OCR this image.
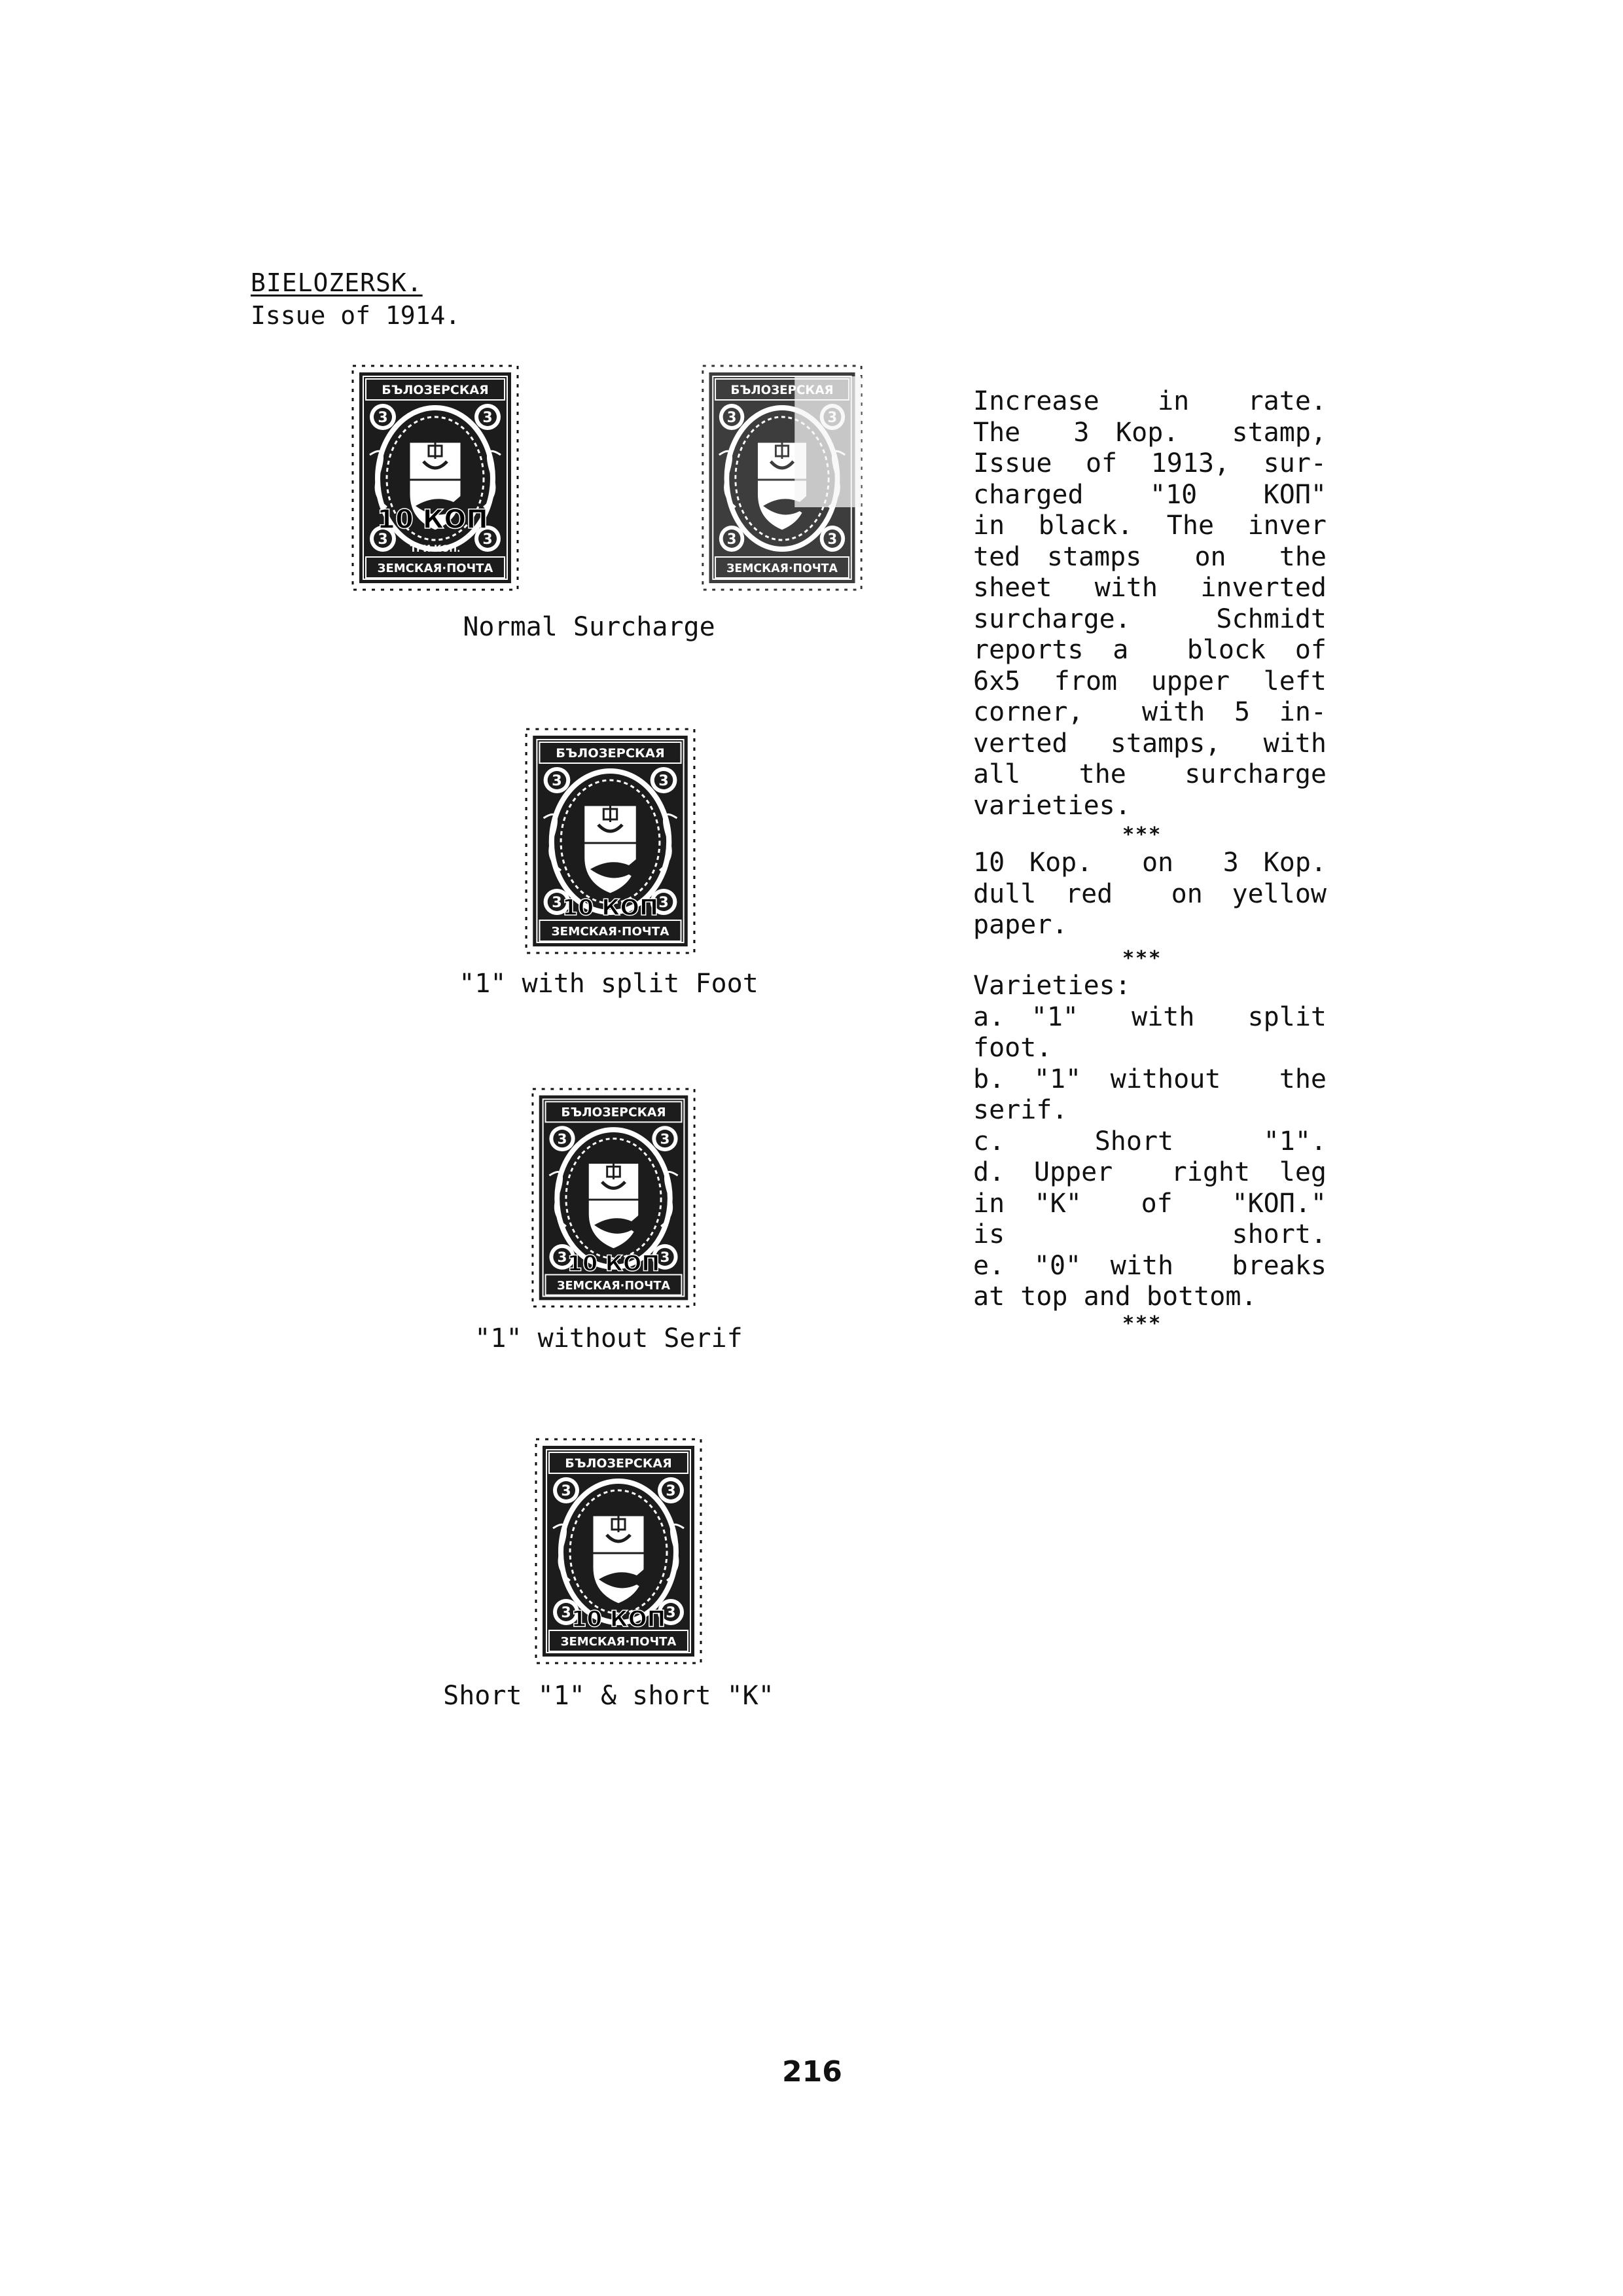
BIELOZERSK.
Issue of 1914.
БЪЛОЗЕРСКАЯ
ЗЕМСКАЯ·ПОЧТА
ТРИ КОП.
10 КОП
БЪЛОЗЕРСКАЯ
ЗЕМСКАЯ·ПОЧТА
Normal Surcharge
БЪЛОЗЕРСКАЯ
ЗЕМСКАЯ·ПОЧТА
10 КОП
"1" with split Foot
БЪЛОЗЕРСКАЯ
ЗЕМСКАЯ·ПОЧТА
10 КОП
"1" without Serif
БЪЛОЗЕРСКАЯ
ЗЕМСКАЯ·ПОЧТА
10 КОП
Short "1" & short "K"
Increase  in  rate.
The  3 Kop.  stamp,
Issue of 1913, sur-
charged  "10  КОП"
in black. The inver
ted stamps  on  the
sheet with inverted
surcharge.  Schmidt
reports a  block of
6x5 from upper left
corner,  with 5 in-
verted stamps, with
all  the  surcharge
varieties.
***
10 Kop.  on  3 Kop.
dull red  on yellow
paper.
***
Varieties:
a. "1"  with  split
foot.
b. "1" without  the
serif.
c. Short "1".
d. Upper  right leg
in "K"  of  "КОП."
is short.
e. "0" with  breaks
at top and bottom.
***
216
